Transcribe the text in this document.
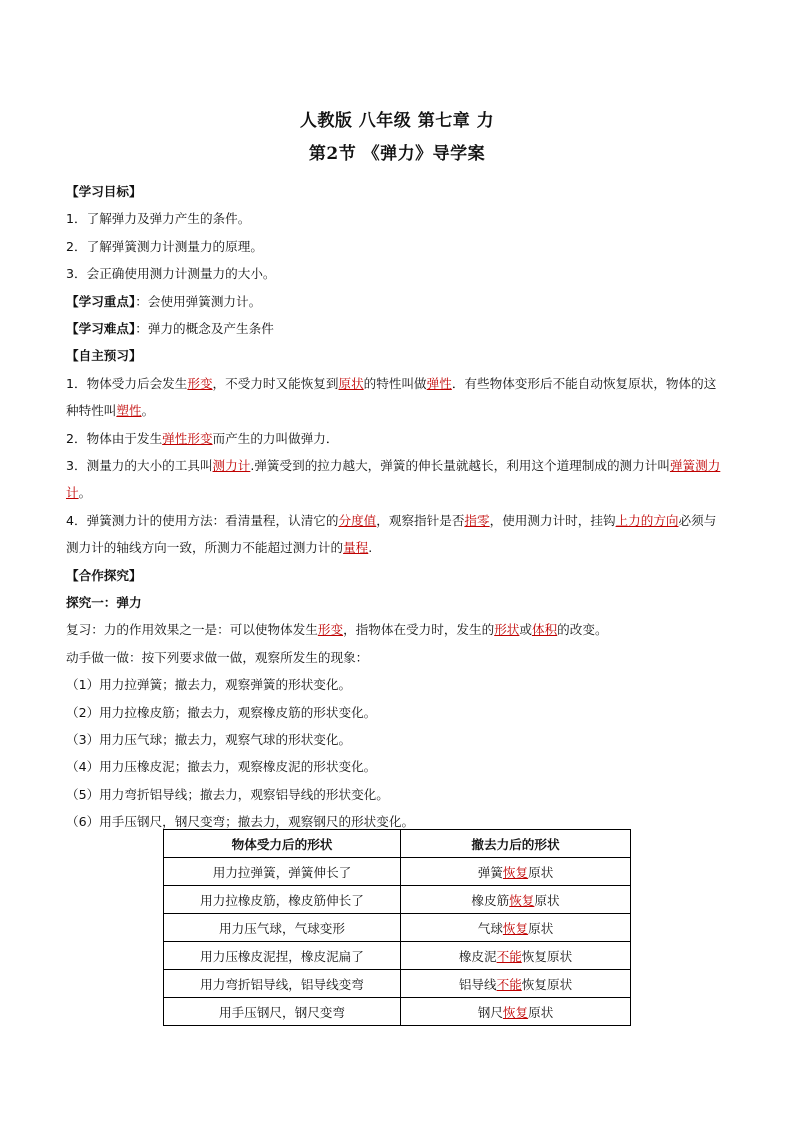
人教版 八年级 第七章 力
第2节 《弹力》导学案
【学习目标】
1．了解弹力及弹力产生的条件。
2．了解弹簧测力计测量力的原理。
3．会正确使用测力计测量力的大小。
【学习重点】：会使用弹簧测力计。
【学习难点】：弹力的概念及产生条件
【自主预习】
1．物体受力后会发生形变，不受力时又能恢复到原状的特性叫做弹性．有些物体变形后不能自动恢复原状，物体的这种特性叫塑性。
2．物体由于发生弹性形变而产生的力叫做弹力．
3．测量力的大小的工具叫测力计.弹簧受到的拉力越大，弹簧的伸长量就越长，利用这个道理制成的测力计叫弹簧测力计。
4．弹簧测力计的使用方法：看清量程，认清它的分度值，观察指针是否指零，使用测力计时，挂钩上力的方向必须与测力计的轴线方向一致，所测力不能超过测力计的量程.
【合作探究】
探究一：弹力
复习：力的作用效果之一是：可以使物体发生形变，指物体在受力时，发生的形状或体积的改变。
动手做一做：按下列要求做一做，观察所发生的现象：
（1）用力拉弹簧；撤去力，观察弹簧的形状变化。
（2）用力拉橡皮筋；撤去力，观察橡皮筋的形状变化。
（3）用力压气球；撤去力，观察气球的形状变化。
（4）用力压橡皮泥；撤去力，观察橡皮泥的形状变化。
（5）用力弯折铝导线；撤去力，观察铝导线的形状变化。
（6）用手压钢尺，钢尺变弯；撤去力，观察钢尺的形状变化。
物体受力后的形状	撤去力后的形状
用力拉弹簧，弹簧伸长了	弹簧恢复原状
用力拉橡皮筋，橡皮筋伸长了	橡皮筋恢复原状
用力压气球，气球变形	气球恢复原状
用力压橡皮泥捏，橡皮泥扁了	橡皮泥不能恢复原状
用力弯折铝导线，铝导线变弯	铝导线不能恢复原状
用手压钢尺，钢尺变弯	钢尺恢复原状
